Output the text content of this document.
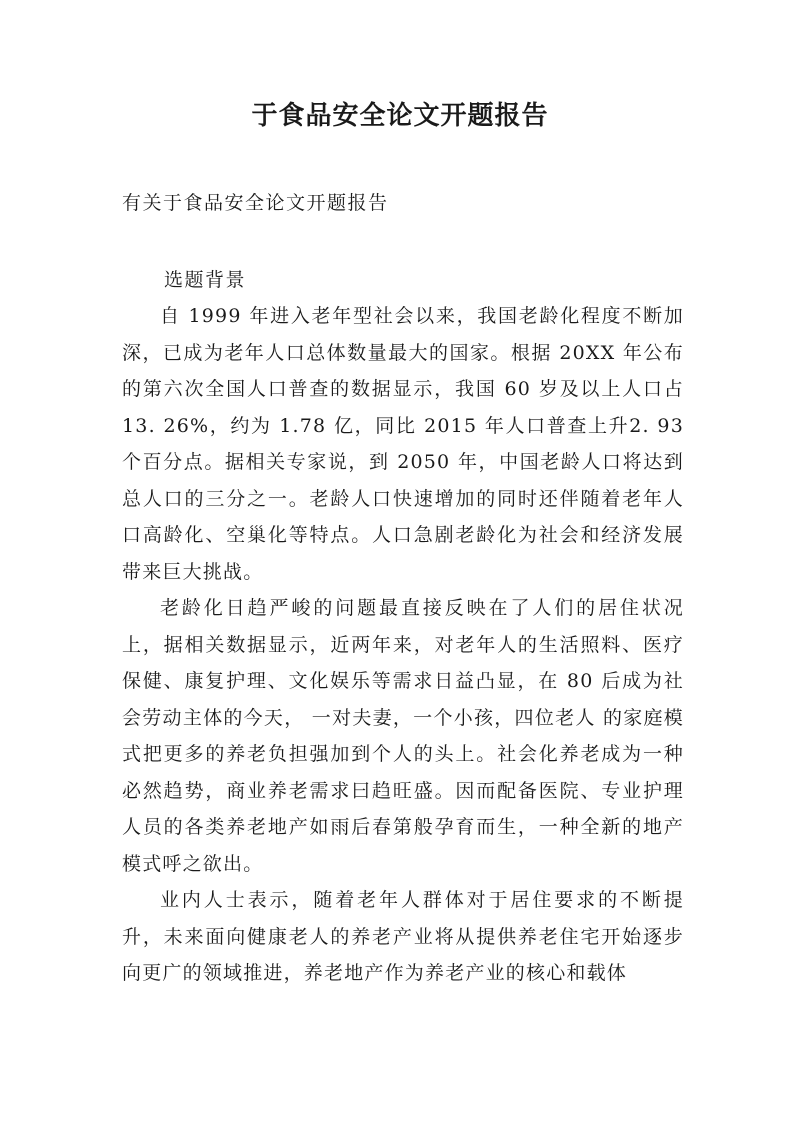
于食品安全论文开题报告

有关于食品安全论文开题报告

选题背景

自 1999 年进入老年型社会以来，我国老龄化程度不断加深，已成为老年人口总体数量最大的国家。根据 20XX 年公布的第六次全国人口普查的数据显示，我国 60 岁及以上人口占 13. 26%，约为 1.78 亿，同比 2015 年人口普查上升2. 93 个百分点。据相关专家说，到 2050 年，中国老龄人口将达到总人口的三分之一。老龄人口快速增加的同时还伴随着老年人口高龄化、空巢化等特点。人口急剧老龄化为社会和经济发展带来巨大挑战。

老龄化日趋严峻的问题最直接反映在了人们的居住状况上，据相关数据显示，近两年来，对老年人的生活照料、医疗保健、康复护理、文化娱乐等需求日益凸显，在 80 后成为社会劳动主体的今天， 一对夫妻，一个小孩，四位老人 的家庭模式把更多的养老负担强加到个人的头上。社会化养老成为一种必然趋势，商业养老需求曰趋旺盛。因而配备医院、专业护理人员的各类养老地产如雨后春第般孕育而生，一种全新的地产模式呼之欲出。

业内人士表示，随着老年人群体对于居住要求的不断提升，未来面向健康老人的养老产业将从提供养老住宅开始逐步向更广的领域推进，养老地产作为养老产业的核心和载体
